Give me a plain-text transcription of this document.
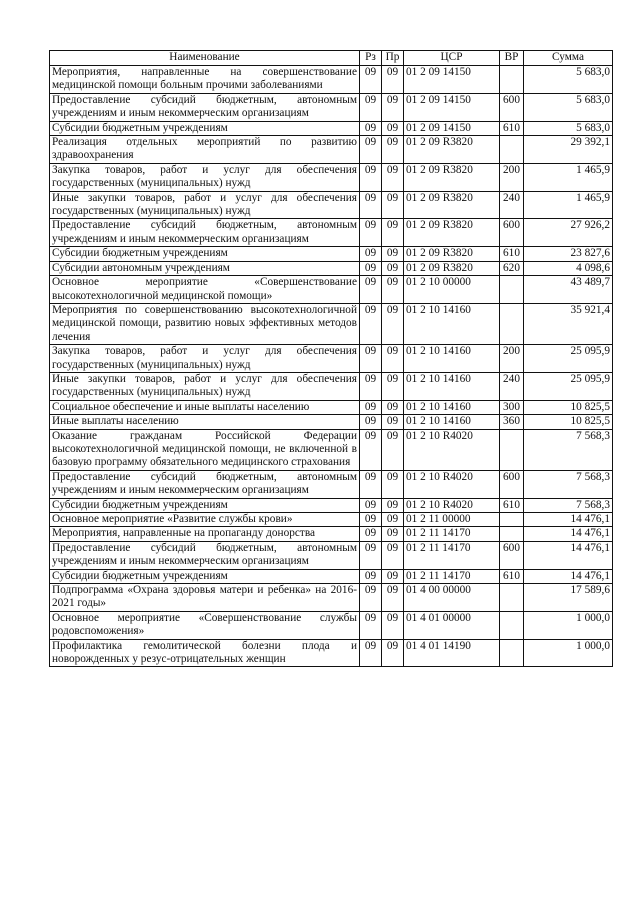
Наименование	Рз	Пр	ЦСР	ВР	Сумма
Мероприятия, направленные на совершенствование медицинской помощи больным прочими заболеваниями	09	09	01 2 09 14150		5 683,0
Предоставление субсидий бюджетным, автономным учреждениям и иным некоммерческим организациям	09	09	01 2 09 14150	600	5 683,0
Субсидии бюджетным учреждениям	09	09	01 2 09 14150	610	5 683,0
Реализация отдельных мероприятий по развитию здравоохранения	09	09	01 2 09 R3820		29 392,1
Закупка товаров, работ и услуг для обеспечения государственных (муниципальных) нужд	09	09	01 2 09 R3820	200	1 465,9
Иные закупки товаров, работ и услуг для обеспечения государственных (муниципальных) нужд	09	09	01 2 09 R3820	240	1 465,9
Предоставление субсидий бюджетным, автономным учреждениям и иным некоммерческим организациям	09	09	01 2 09 R3820	600	27 926,2
Субсидии бюджетным учреждениям	09	09	01 2 09 R3820	610	23 827,6
Субсидии автономным учреждениям	09	09	01 2 09 R3820	620	4 098,6
Основное мероприятие «Совершенствование высокотехнологичной медицинской помощи»	09	09	01 2 10 00000		43 489,7
Мероприятия по совершенствованию высокотехнологичной медицинской помощи, развитию новых эффективных методов лечения	09	09	01 2 10 14160		35 921,4
Закупка товаров, работ и услуг для обеспечения государственных (муниципальных) нужд	09	09	01 2 10 14160	200	25 095,9
Иные закупки товаров, работ и услуг для обеспечения государственных (муниципальных) нужд	09	09	01 2 10 14160	240	25 095,9
Социальное обеспечение и иные выплаты населению	09	09	01 2 10 14160	300	10 825,5
Иные выплаты населению	09	09	01 2 10 14160	360	10 825,5
Оказание гражданам Российской Федерации высокотехнологичной медицинской помощи, не включенной в базовую программу обязательного медицинского страхования	09	09	01 2 10 R4020		7 568,3
Предоставление субсидий бюджетным, автономным учреждениям и иным некоммерческим организациям	09	09	01 2 10 R4020	600	7 568,3
Субсидии бюджетным учреждениям	09	09	01 2 10 R4020	610	7 568,3
Основное мероприятие «Развитие службы крови»	09	09	01 2 11 00000		14 476,1
Мероприятия, направленные на пропаганду донорства	09	09	01 2 11 14170		14 476,1
Предоставление субсидий бюджетным, автономным учреждениям и иным некоммерческим организациям	09	09	01 2 11 14170	600	14 476,1
Субсидии бюджетным учреждениям	09	09	01 2 11 14170	610	14 476,1
Подпрограмма «Охрана здоровья матери и ребенка» на 2016-2021 годы»	09	09	01 4 00 00000		17 589,6
Основное мероприятие «Совершенствование службы родовспоможения»	09	09	01 4 01 00000		1 000,0
Профилактика гемолитической болезни плода и новорожденных у резус-отрицательных женщин	09	09	01 4 01 14190		1 000,0
